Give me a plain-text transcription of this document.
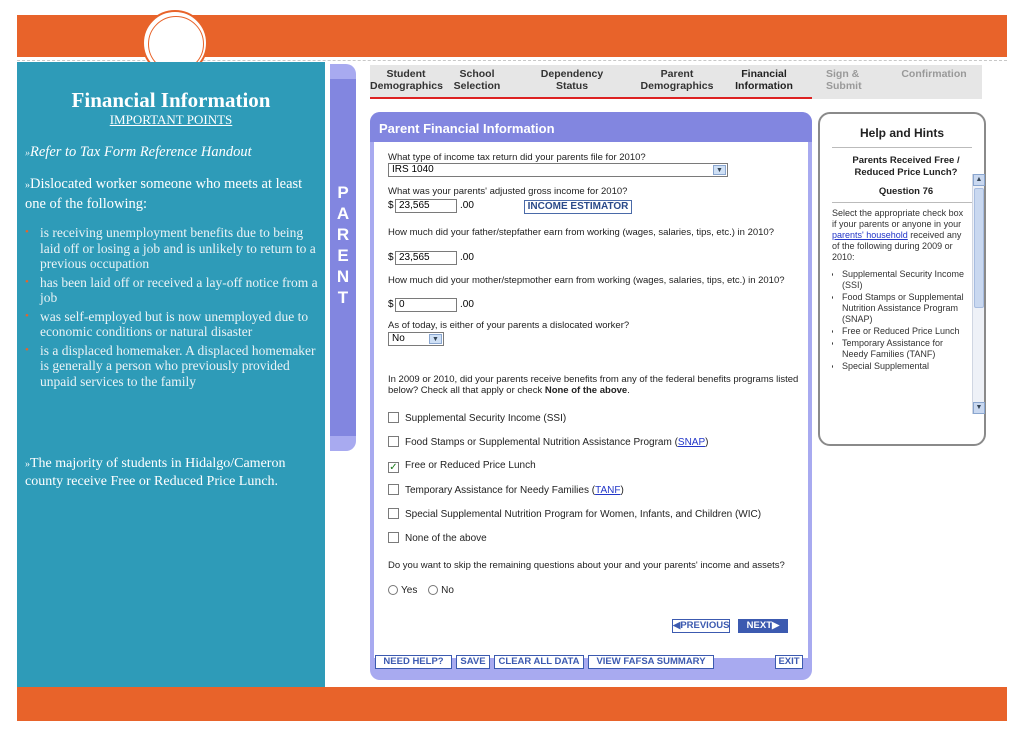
Financial Information
IMPORTANT POINTS
»Refer to Tax Form Reference Handout
»Dislocated worker someone who meets at least one of the following:
• is receiving unemployment benefits due to being laid off or losing a job and is unlikely to return to a previous occupation
• has been laid off or received a lay-off notice from a job
• was self-employed but is now unemployed due to economic conditions or natural disaster
• is a displaced homemaker. A displaced homemaker is generally a person who previously provided unpaid services to the family
»The majority of students in Hidalgo/Cameron county receive Free or Reduced Price Lunch.
P
A
R
E
N
T
Student Demographics
School Selection
Dependency Status
Parent Demographics
Financial Information
Sign & Submit
Confirmation
Parent Financial Information
What type of income tax return did your parents file for 2010?
IRS 1040	▼
What was your parents' adjusted gross income for 2010?
$ 23,565	.00	INCOME ESTIMATOR
How much did your father/stepfather earn from working (wages, salaries, tips, etc.) in 2010?
$ 23,565	.00
How much did your mother/stepmother earn from working (wages, salaries, tips, etc.) in 2010?
$ 0	.00
As of today, is either of your parents a dislocated worker?
No	▼
In 2009 or 2010, did your parents receive benefits from any of the federal benefits programs listed below? Check all that apply or check None of the above.
Supplemental Security Income (SSI)
Food Stamps or Supplemental Nutrition Assistance Program (SNAP)
✓ Free or Reduced Price Lunch
Temporary Assistance for Needy Families (TANF)
Special Supplemental Nutrition Program for Women, Infants, and Children (WIC)
None of the above
Do you want to skip the remaining questions about your and your parents' income and assets?
Yes No
◀PREVIOUS	NEXT▶
NEED HELP?	SAVE	CLEAR ALL DATA	VIEW FAFSA SUMMARY	EXIT
Help and Hints
Parents Received Free / Reduced Price Lunch?
Question 76
Select the appropriate check box if your parents or anyone in your parents' household received any of the following during 2009 or 2010:
• Supplemental Security Income (SSI)
• Food Stamps or Supplemental Nutrition Assistance Program (SNAP)
• Free or Reduced Price Lunch
• Temporary Assistance for Needy Families (TANF)
• Special Supplemental
▲
▼
